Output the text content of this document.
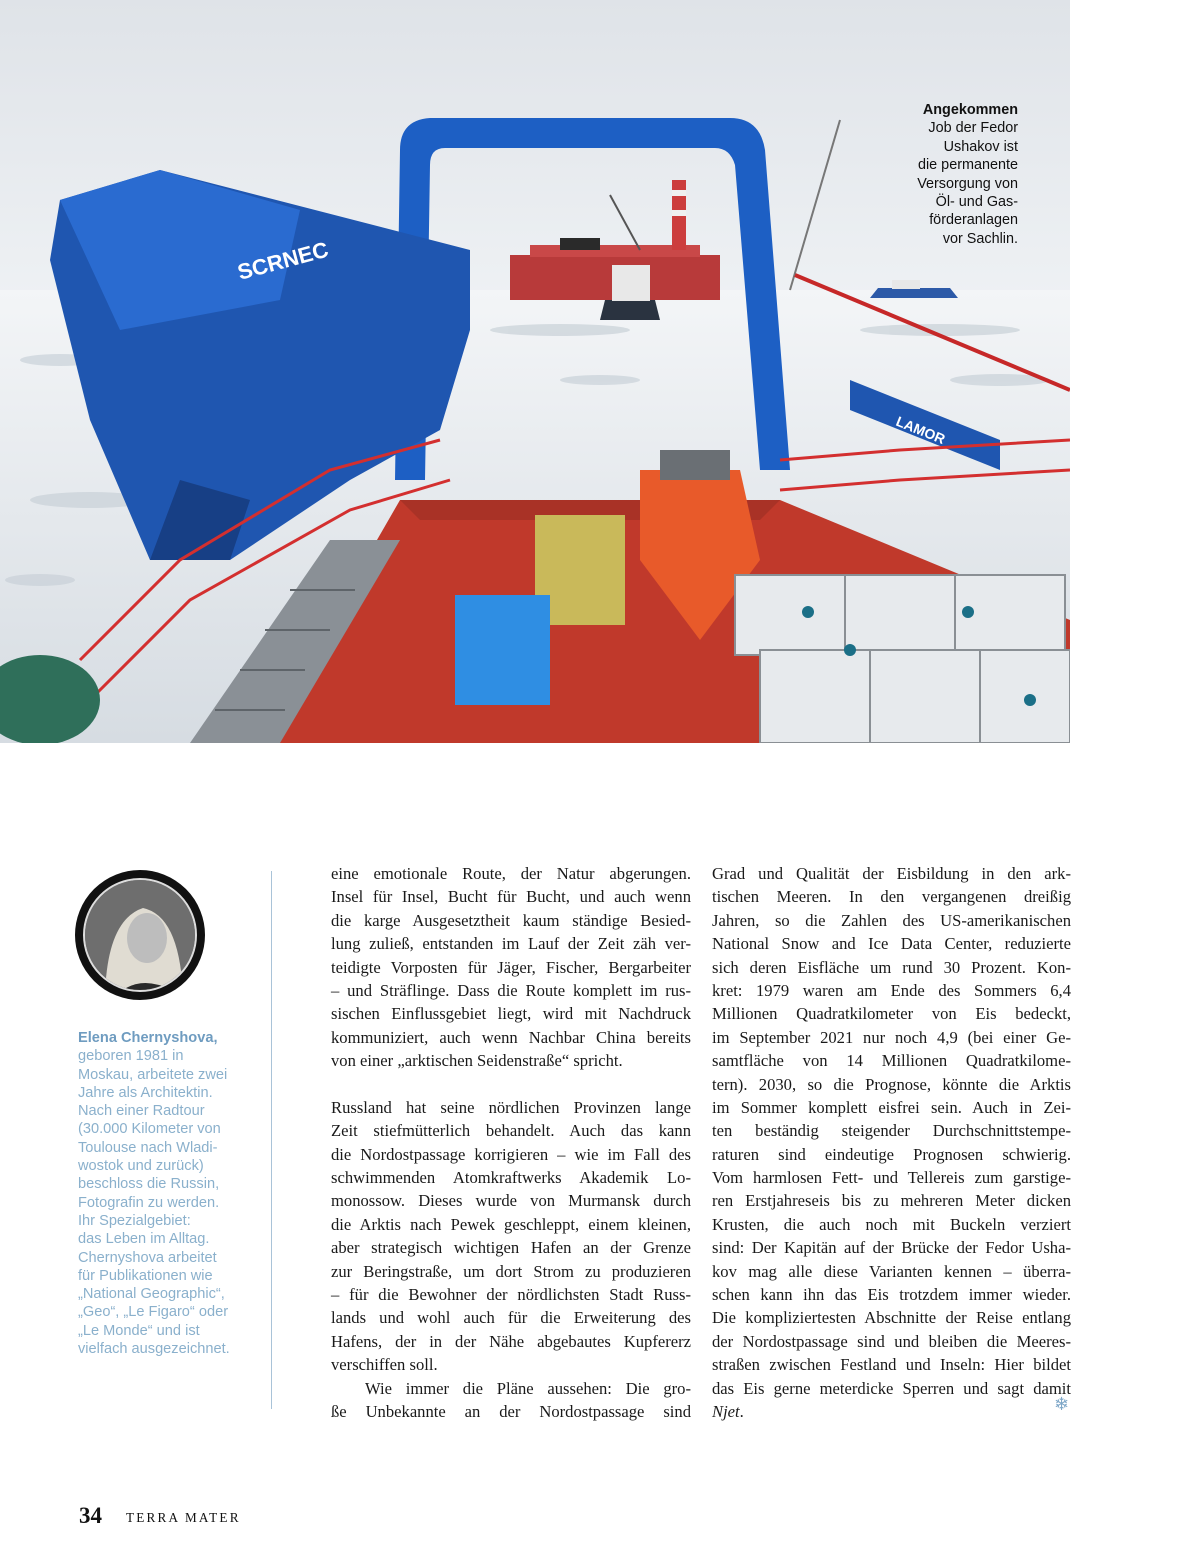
SCRNEC
LAMOR
Angekommen
Job der Fedor
Ushakov ist
die permanente
Versorgung von
Öl- und Gas-
förderanlagen
vor Sachlin.
Elena Chernyshova,
geboren 1981 in
Moskau, arbeitete zwei
Jahre als Architektin.
Nach einer Radtour
(30.000 Kilometer von
Toulouse nach Wladi-
wostok und zurück)
beschloss die Russin,
Fotografin zu werden.
Ihr Spezialgebiet:
das Leben im Alltag.
Chernyshova arbeitet
für Publikationen wie
„National Geographic“,
„Geo“, „Le Figaro“ oder
„Le Monde“ und ist
vielfach ausgezeichnet.
eine emotionale Route, der Natur abgerungen.
Insel für Insel, Bucht für Bucht, und auch wenn
die karge Ausgesetztheit kaum ständige Besied-
lung zuließ, entstanden im Lauf der Zeit zäh ver-
teidigte Vorposten für Jäger, Fischer, Bergarbeiter
– und Sträflinge. Dass die Route komplett im rus-
sischen Einflussgebiet liegt, wird mit Nachdruck
kommuniziert, auch wenn Nachbar China bereits
von einer „arktischen Seidenstraße“ spricht.
Russland hat seine nördlichen Provinzen lange
Zeit stiefmütterlich behandelt. Auch das kann
die Nordostpassage korrigieren – wie im Fall des
schwimmenden Atomkraftwerks Akademik Lo-
monossow. Dieses wurde von Murmansk durch
die Arktis nach Pewek geschleppt, einem kleinen,
aber strategisch wichtigen Hafen an der Grenze
zur Beringstraße, um dort Strom zu produzieren
– für die Bewohner der nördlichsten Stadt Russ-
lands und wohl auch für die Erweiterung des
Hafens, der in der Nähe abgebautes Kupfererz
verschiffen soll.
Wie immer die Pläne aussehen: Die gro-
ße Unbekannte an der Nordostpassage sind
Grad und Qualität der Eisbildung in den ark-
tischen Meeren. In den vergangenen dreißig
Jahren, so die Zahlen des US-amerikanischen
National Snow and Ice Data Center, reduzierte
sich deren Eisfläche um rund 30 Prozent. Kon-
kret: 1979 waren am Ende des Sommers 6,4
Millionen Quadratkilometer von Eis bedeckt,
im September 2021 nur noch 4,9 (bei einer Ge-
samtfläche von 14 Millionen Quadratkilome-
tern). 2030, so die Prognose, könnte die Arktis
im Sommer komplett eisfrei sein. Auch in Zei-
ten beständig steigender Durchschnittstempe-
raturen sind eindeutige Prognosen schwierig.
Vom harmlosen Fett- und Tellereis zum garstige-
ren Erstjahreseis bis zu mehreren Meter dicken
Krusten, die auch noch mit Buckeln verziert
sind: Der Kapitän auf der Brücke der Fedor Usha-
kov mag alle diese Varianten kennen – überra-
schen kann ihn das Eis trotzdem immer wieder.
Die kompliziertesten Abschnitte der Reise entlang
der Nordostpassage sind und bleiben die Meeres-
straßen zwischen Festland und Inseln: Hier bildet
das Eis gerne meterdicke Sperren und sagt damit
Njet.	❄
34 TERRA MATER
